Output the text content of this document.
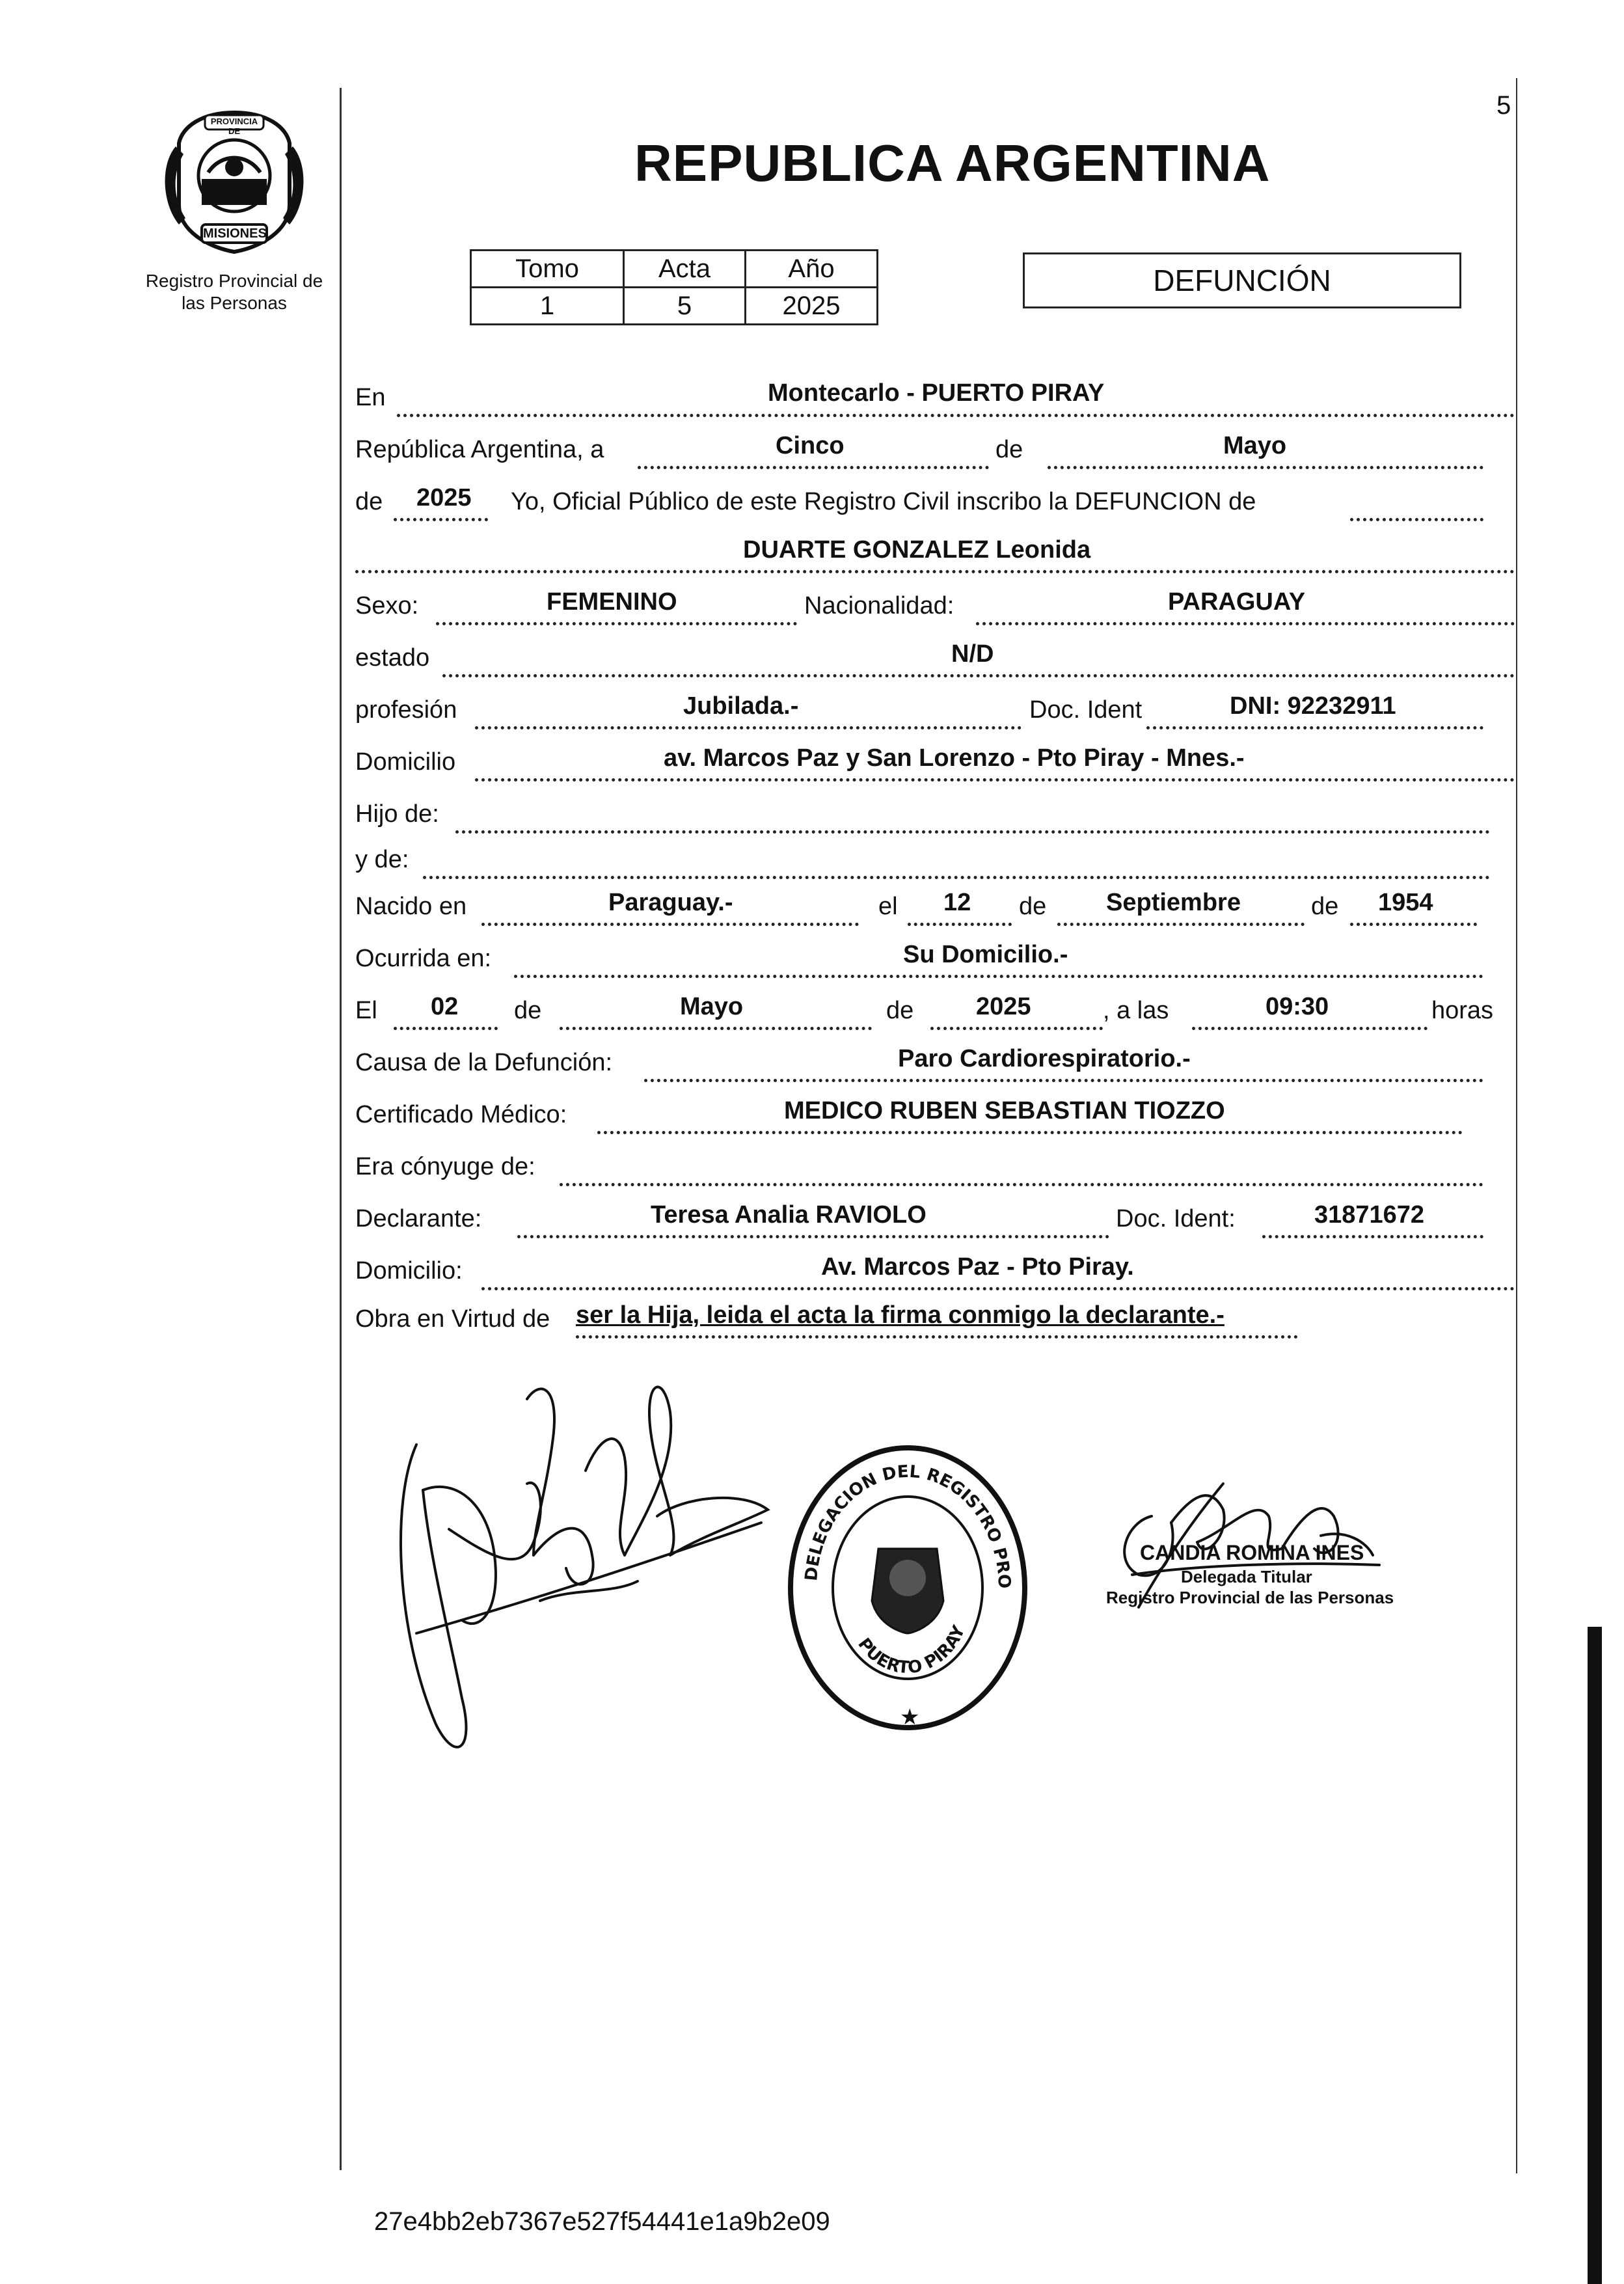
5
PROVINCIA DE
MISIONES
Registro Provincial de las Personas
REPUBLICA ARGENTINA
Tomo	Acta	Año
1	5	2025
DEFUNCIÓN
En	Montecarlo - PUERTO PIRAY
República Argentina, a	Cinco	de	Mayo
de 2025 Yo, Oficial Público de este Registro Civil inscribo la DEFUNCION de
DUARTE GONZALEZ Leonida
Sexo:	FEMENINO	Nacionalidad:	PARAGUAY
estado	N/D
profesión	Jubilada.-	Doc. Ident	DNI: 92232911
Domicilio	av. Marcos Paz y San Lorenzo - Pto Piray - Mnes.-
Hijo de:
y de:
Nacido en	Paraguay.-	el 12 de Septiembre	de 1954
Ocurrida en:	Su Domicilio.-
El 02 de	Mayo	de	2025	, a las	09:30	horas
Causa de la Defunción:	Paro Cardiorespiratorio.-
Certificado Médico:	MEDICO RUBEN SEBASTIAN TIOZZO
Era cónyuge de:
Declarante:	Teresa Analia RAVIOLO	Doc. Ident:	31871672
Domicilio:	Av. Marcos Paz - Pto Piray.
Obra en Virtud de ser la Hija, leida el acta la firma conmigo la declarante.-
DELEGACION DEL REGISTRO PRO
PUERTO PIRAY
★
CANDIA ROMINA INES
Delegada Titular
Registro Provincial de las Personas
27e4bb2eb7367e527f54441e1a9b2e09
